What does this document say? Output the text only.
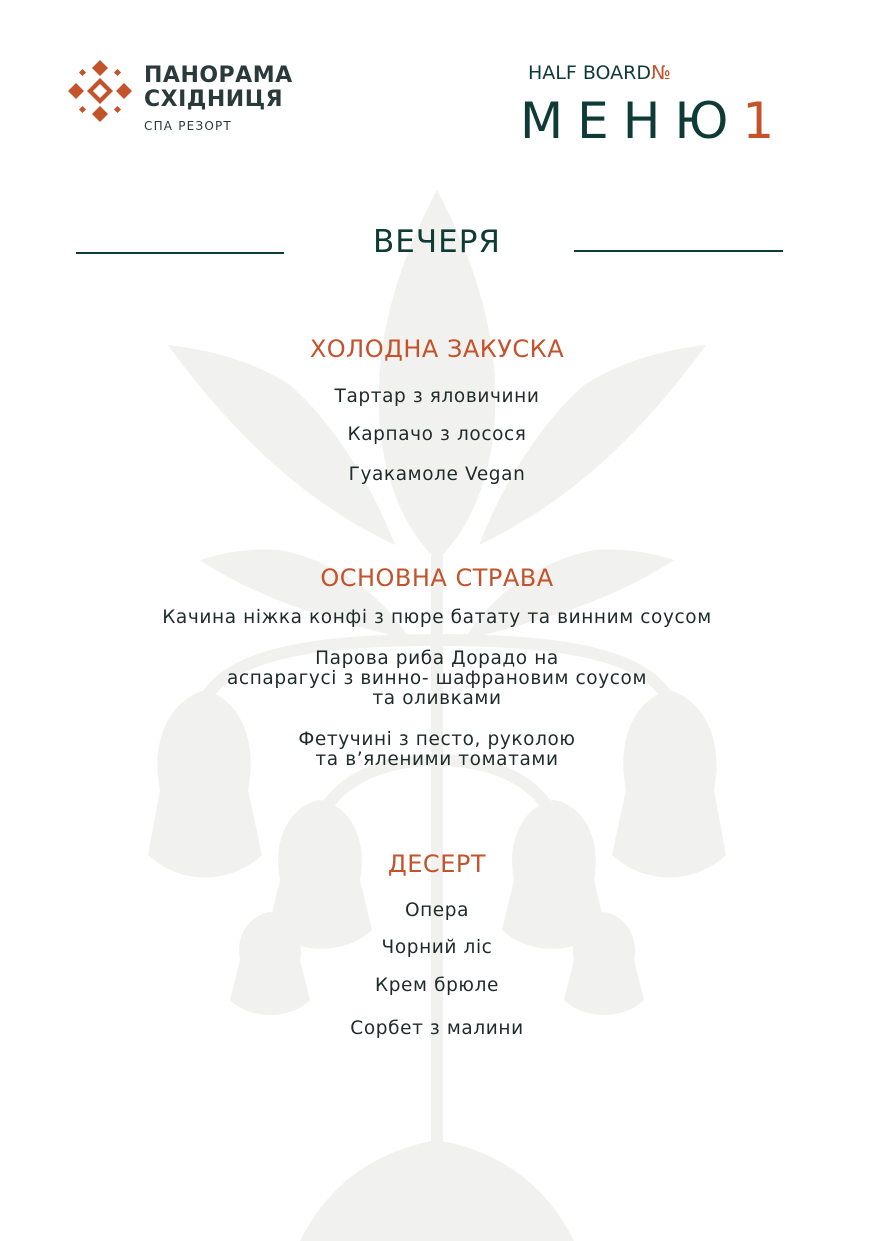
ПАНОРАМА
СХІДНИЦЯ
СПА РЕЗОРТ
HALF BOARD№
МЕНЮ1
ВЕЧЕРЯ
ХОЛОДНА ЗАКУСКА
Тартар з яловичини
Карпачо з лосося
Гуакамоле Vegan
ОСНОВНА СТРАВА
Качина ніжка конфі з пюре батату та винним соусом
Парова риба Дорадо на
аспарагусі з винно- шафрановим соусом
та оливками
Фетучині з песто, руколою
та в’яленими томатами
ДЕСЕРТ
Опера
Чорний ліс
Крем брюле
Сорбет з малини
